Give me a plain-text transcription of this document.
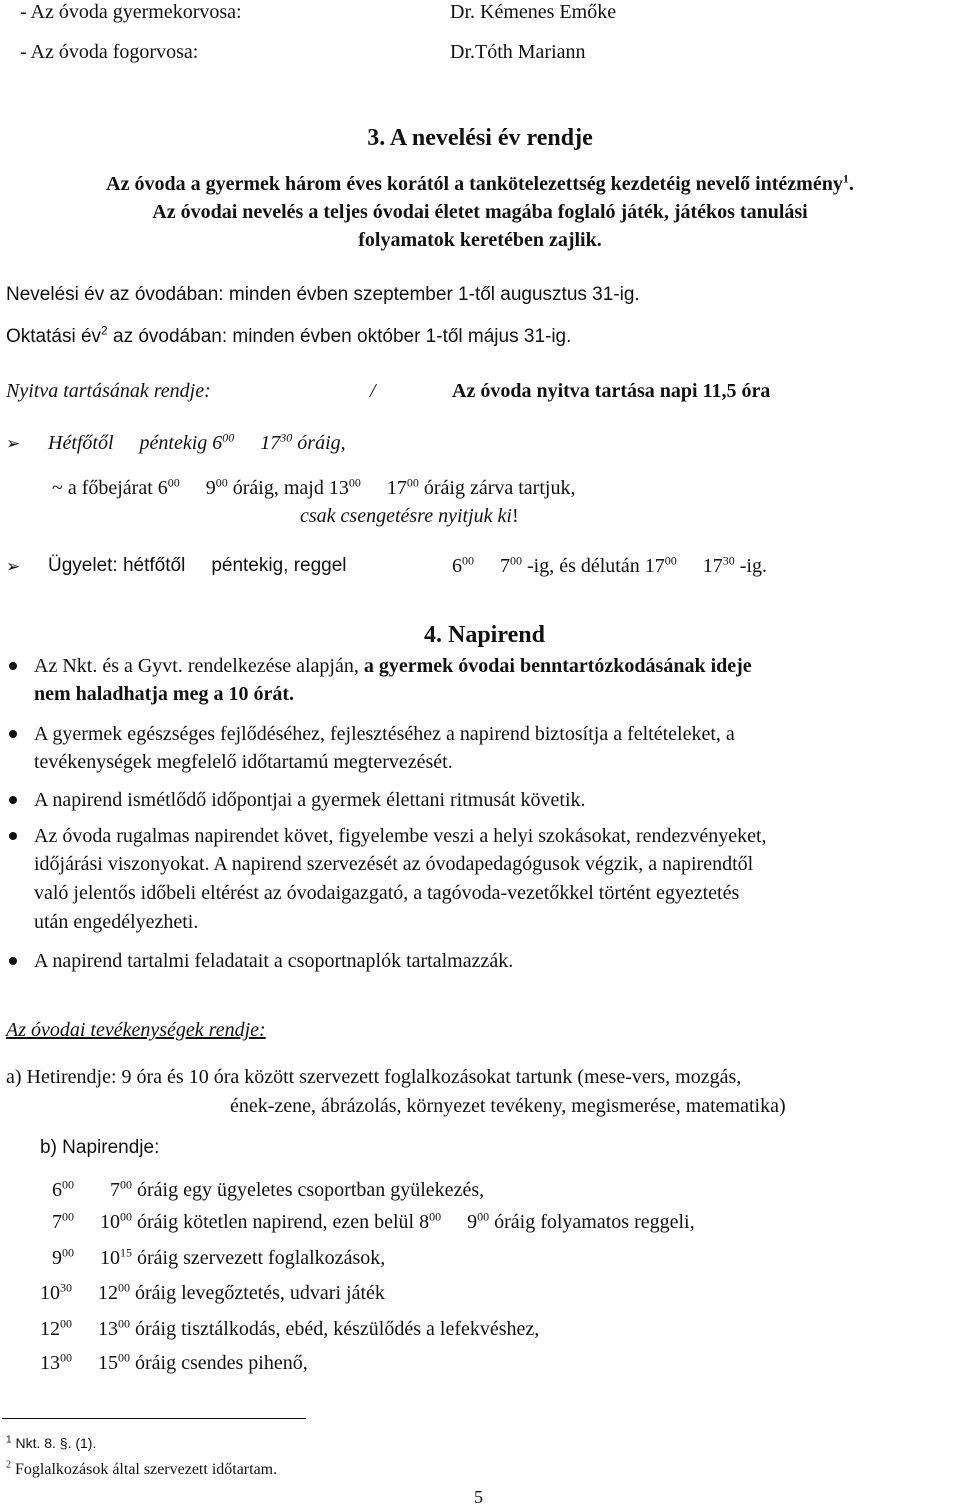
- Az óvoda gyermekorvosa:	Dr. Kémenes Emőke
- Az óvoda fogorvosa:	Dr.Tóth Mariann
3. A nevelési év rendje
Az óvoda a gyermek három éves korától a tankötelezettség kezdetéig nevelő intézmény$^1$.
Az óvodai nevelés a teljes óvodai életet magába foglaló játék, játékos tanulási
folyamatok keretében zajlik.
Nevelési év az óvodában: minden évben szeptember 1-től augusztus 31-ig.
Oktatási $év^2$ az óvodában: minden évben október 1-től május 31-ig.
Nyitva tartásának rendje:	/	Az óvoda nyitva tartása napi 11,5 óra
➢ Hétfőtől péntekig $6^{00}$ $17^{30}$ óráig,
~ a főbejárat $6^{00}$ $9^{00}$ óráig, majd $13^{00}$ $17^{00}$ óráig zárva tartjuk,
csak csengetésre nyitjuk ki!
➢ Ügyelet: hétfőtől péntekig, reggel	$6^{00}$ $7^{00}$ -ig, és délután $17^{00}$ $17^{30}$ -ig.
4. Napirend
Az Nkt. és a Gyvt. rendelkezése alapján, a gyermek óvodai benntartózkodásának ideje
nem haladhatja meg a 10 órát.
A gyermek egészséges fejlődéséhez, fejlesztéséhez a napirend biztosítja a feltételeket, a
tevékenységek megfelelő időtartamú megtervezését.
A napirend ismétlődő időpontjai a gyermek élettani ritmusát követik.
Az óvoda rugalmas napirendet követ, figyelembe veszi a helyi szokásokat, rendezvényeket,
időjárási viszonyokat. A napirend szervezését az óvodapedagógusok végzik, a napirendtől
való jelentős időbeli eltérést az óvodaigazgató, a tagóvoda-vezetőkkel történt egyeztetés
után engedélyezheti.
A napirend tartalmi feladatait a csoportnaplók tartalmazzák.
Az óvodai tevékenységek rendje:
a) Hetirendje: 9 óra és 10 óra között szervezett foglalkozásokat tartunk (mese-vers, mozgás,
ének-zene, ábrázolás, környezet tevékeny, megismerése, matematika)
b) Napirendje:
$6^{00}$ $7^{00}$ óráig egy ügyeletes csoportban gyülekezés,
$7^{00}$ $10^{00}$ óráig kötetlen napirend, ezen belül $8^{00}$ $9^{00}$ óráig folyamatos reggeli,
$9^{00}$ $10^{15}$ óráig szervezett foglalkozások,
$10^{30}$ $12^{00}$ óráig levegőztetés, udvari játék
$12^{00}$ $13^{00}$ óráig tisztálkodás, ebéd, készülődés a lefekvéshez,
$13^{00}$ $15^{00}$ óráig csendes pihenő,
$^1$ Nkt. 8. §. (1).
$^2$ Foglalkozások által szervezett időtartam.
5
